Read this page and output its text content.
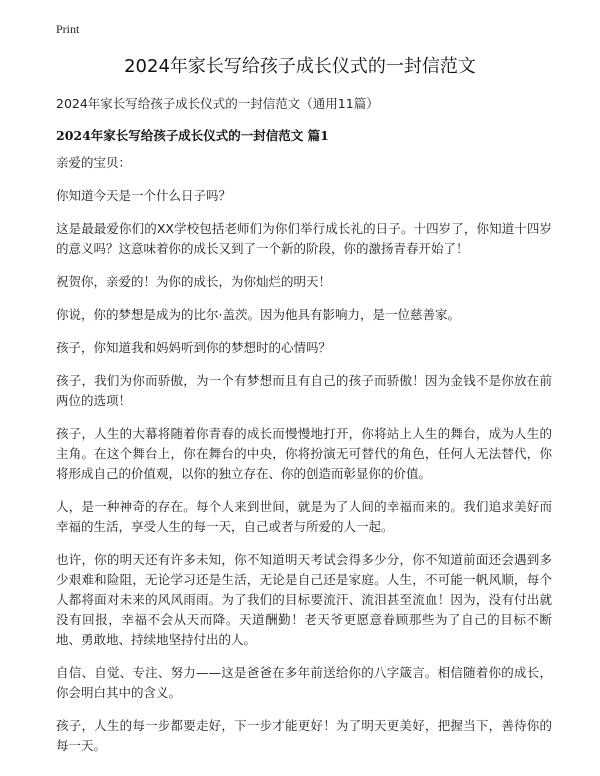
Print
2024年家长写给孩子成长仪式的一封信范文
2024年家长写给孩子成长仪式的一封信范文（通用11篇）
2024年家长写给孩子成长仪式的一封信范文 篇1

亲爱的宝贝：

你知道今天是一个什么日子吗？

这是最最爱你们的XX学校包括老师们为你们举行成长礼的日子。十四岁了，你知道十四岁的意义吗？这意味着你的成长又到了一个新的阶段，你的激扬青春开始了！

祝贺你，亲爱的！为你的成长，为你灿烂的明天！

你说，你的梦想是成为的比尔·盖茨。因为他具有影响力，是一位慈善家。

孩子，你知道我和妈妈听到你的梦想时的心情吗？

孩子，我们为你而骄傲，为一个有梦想而且有自己的孩子而骄傲！因为金钱不是你放在前两位的选项！

孩子，人生的大幕将随着你青春的成长而慢慢地打开，你将站上人生的舞台，成为人生的主角。在这个舞台上，你在舞台的中央，你将扮演无可替代的角色，任何人无法替代，你将形成自己的价值观，以你的独立存在、你的创造而彰显你的价值。

人，是一种神奇的存在。每个人来到世间，就是为了人间的幸福而来的。我们追求美好而幸福的生活，享受人生的每一天，自己或者与所爱的人一起。

也许，你的明天还有许多未知，你不知道明天考试会得多少分，你不知道前面还会遇到多少艰难和险阻，无论学习还是生活，无论是自己还是家庭。人生，不可能一帆风顺，每个人都将面对未来的风风雨雨。为了我们的目标要流汗、流泪甚至流血！因为，没有付出就没有回报，幸福不会从天而降。天道酬勤！老天爷更愿意眷顾那些为了自己的目标不断地、勇敢地、持续地坚持付出的人。

自信、自觉、专注、努力——这是爸爸在多年前送给你的八字箴言。相信随着你的成长，你会明白其中的含义。

孩子，人生的每一步都要走好，下一步才能更好！为了明天更美好，把握当下，善待你的每一天。
